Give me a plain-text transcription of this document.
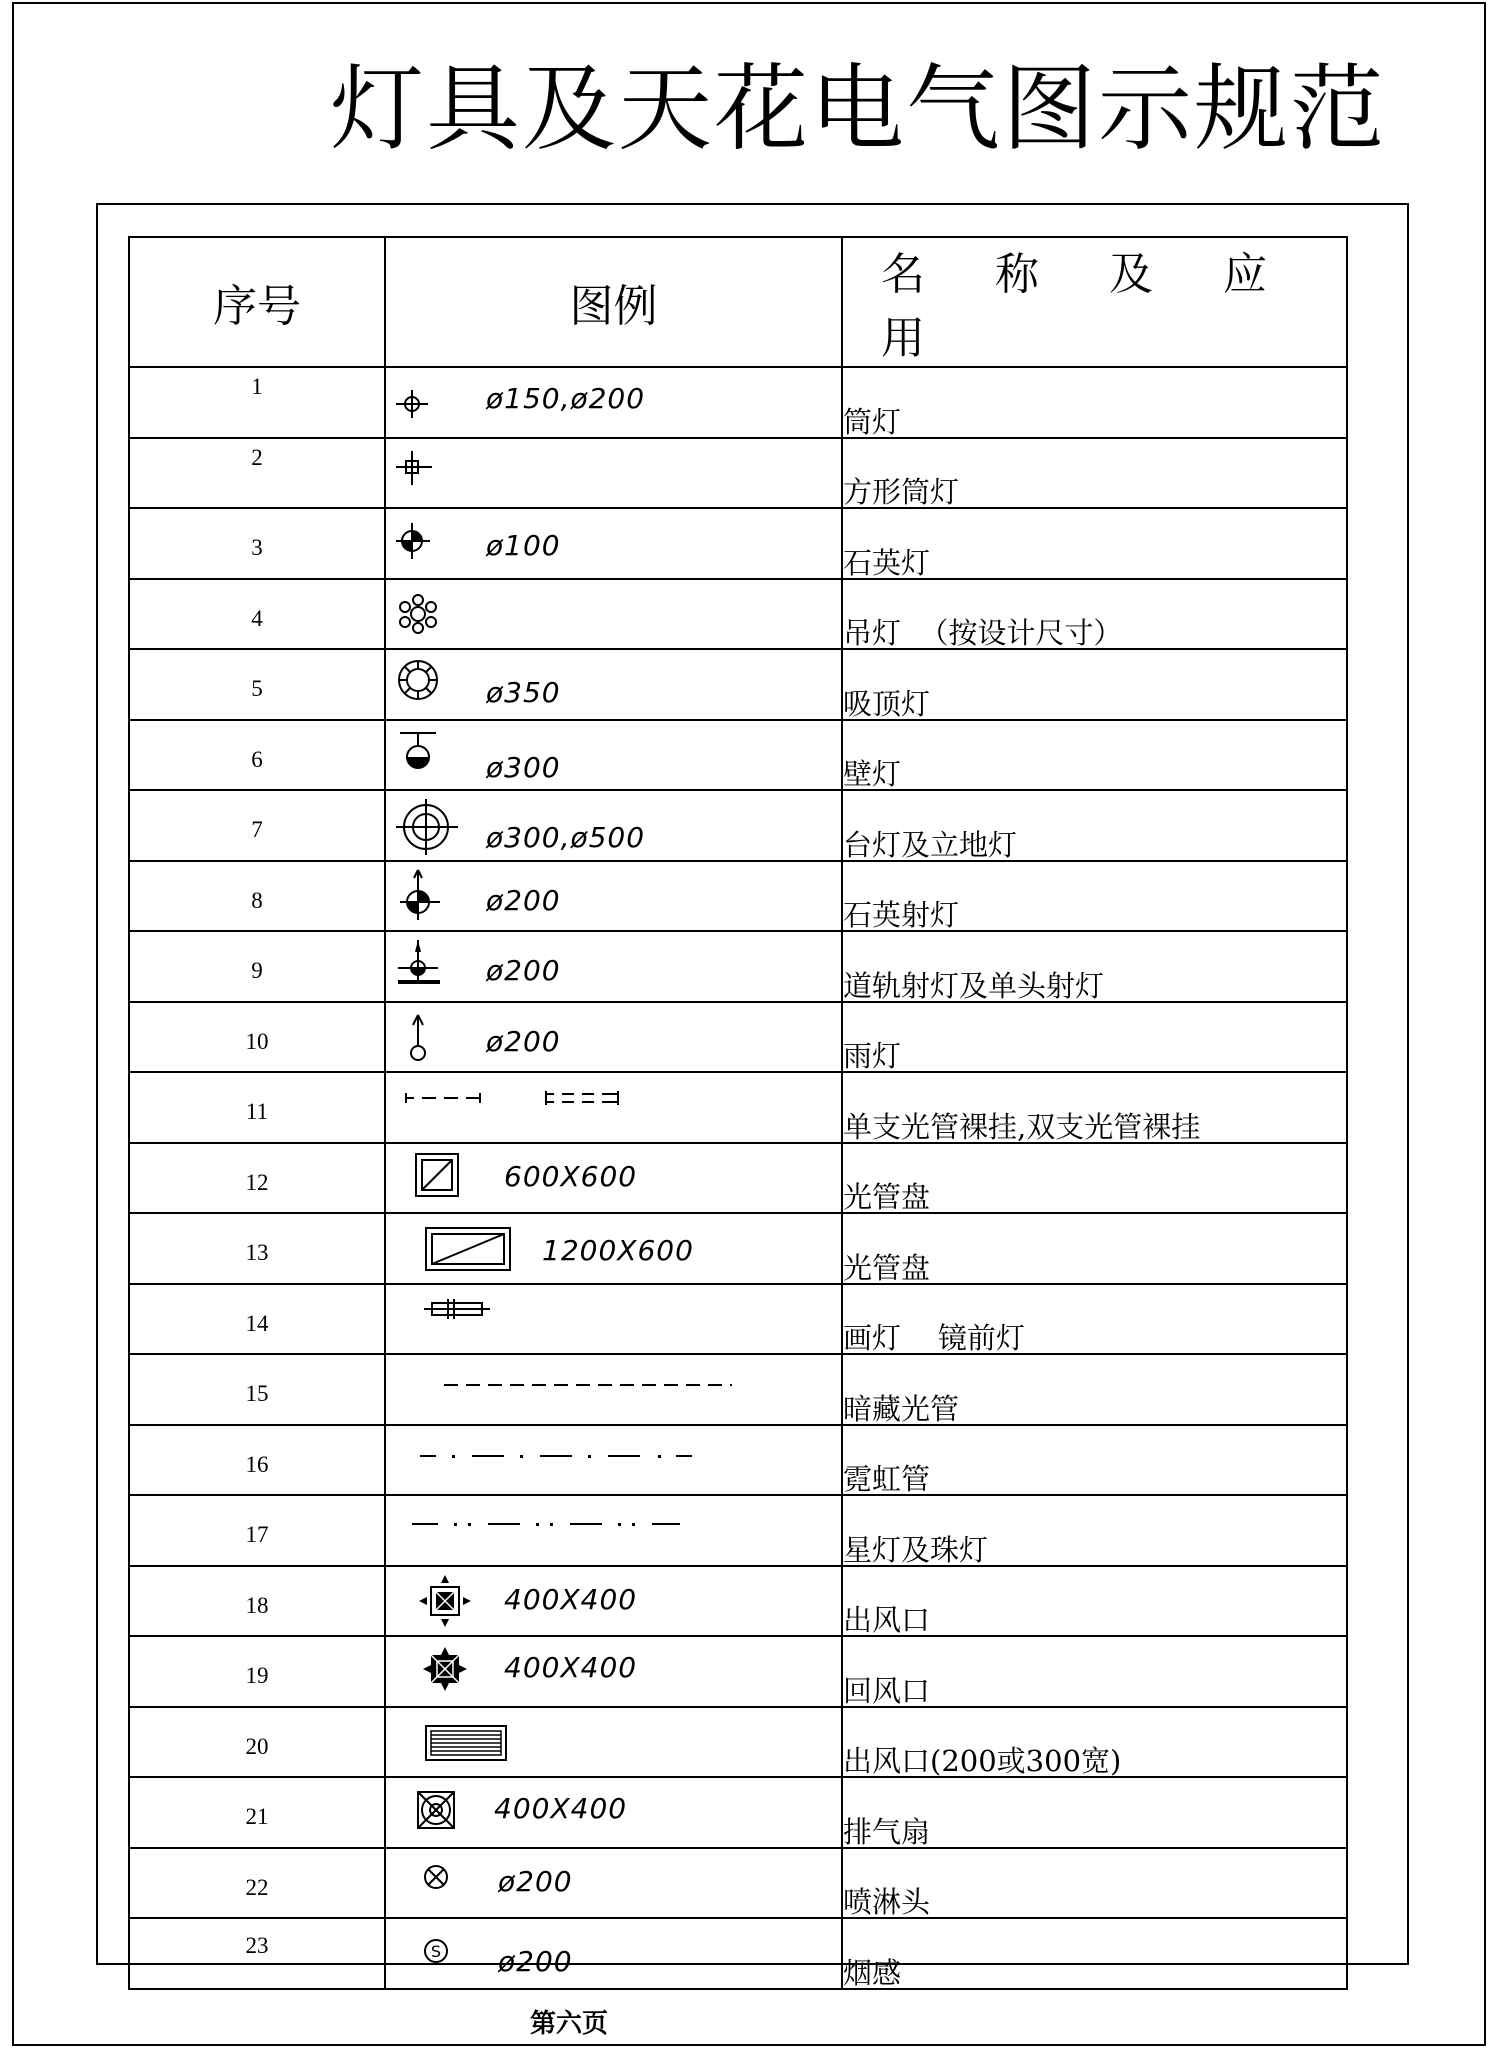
灯具及天花电气图示规范
序号	图例	名 称 及 应 用

1	ø150,ø200	筒灯

2		方形筒灯

3	ø100	石英灯

4		吊灯  （按设计尺寸）

5	ø350	吸顶灯

6	ø300	壁灯

7	ø300,ø500	台灯及立地灯

8	ø200	石英射灯

9	ø200	道轨射灯及单头射灯

10	ø200	雨灯

11		单支光管裸挂,双支光管裸挂

12	600X600	光管盘

13	1200X600	光管盘

14		画灯    镜前灯

15		暗藏光管

16		霓虹管

17		星灯及珠灯

18	400X400	出风口

19	400X400	回风口

20		出风口(200或300宽)

21	400X400	排气扇

22	ø200	喷淋头

23	S ø200	烟感
第六页
